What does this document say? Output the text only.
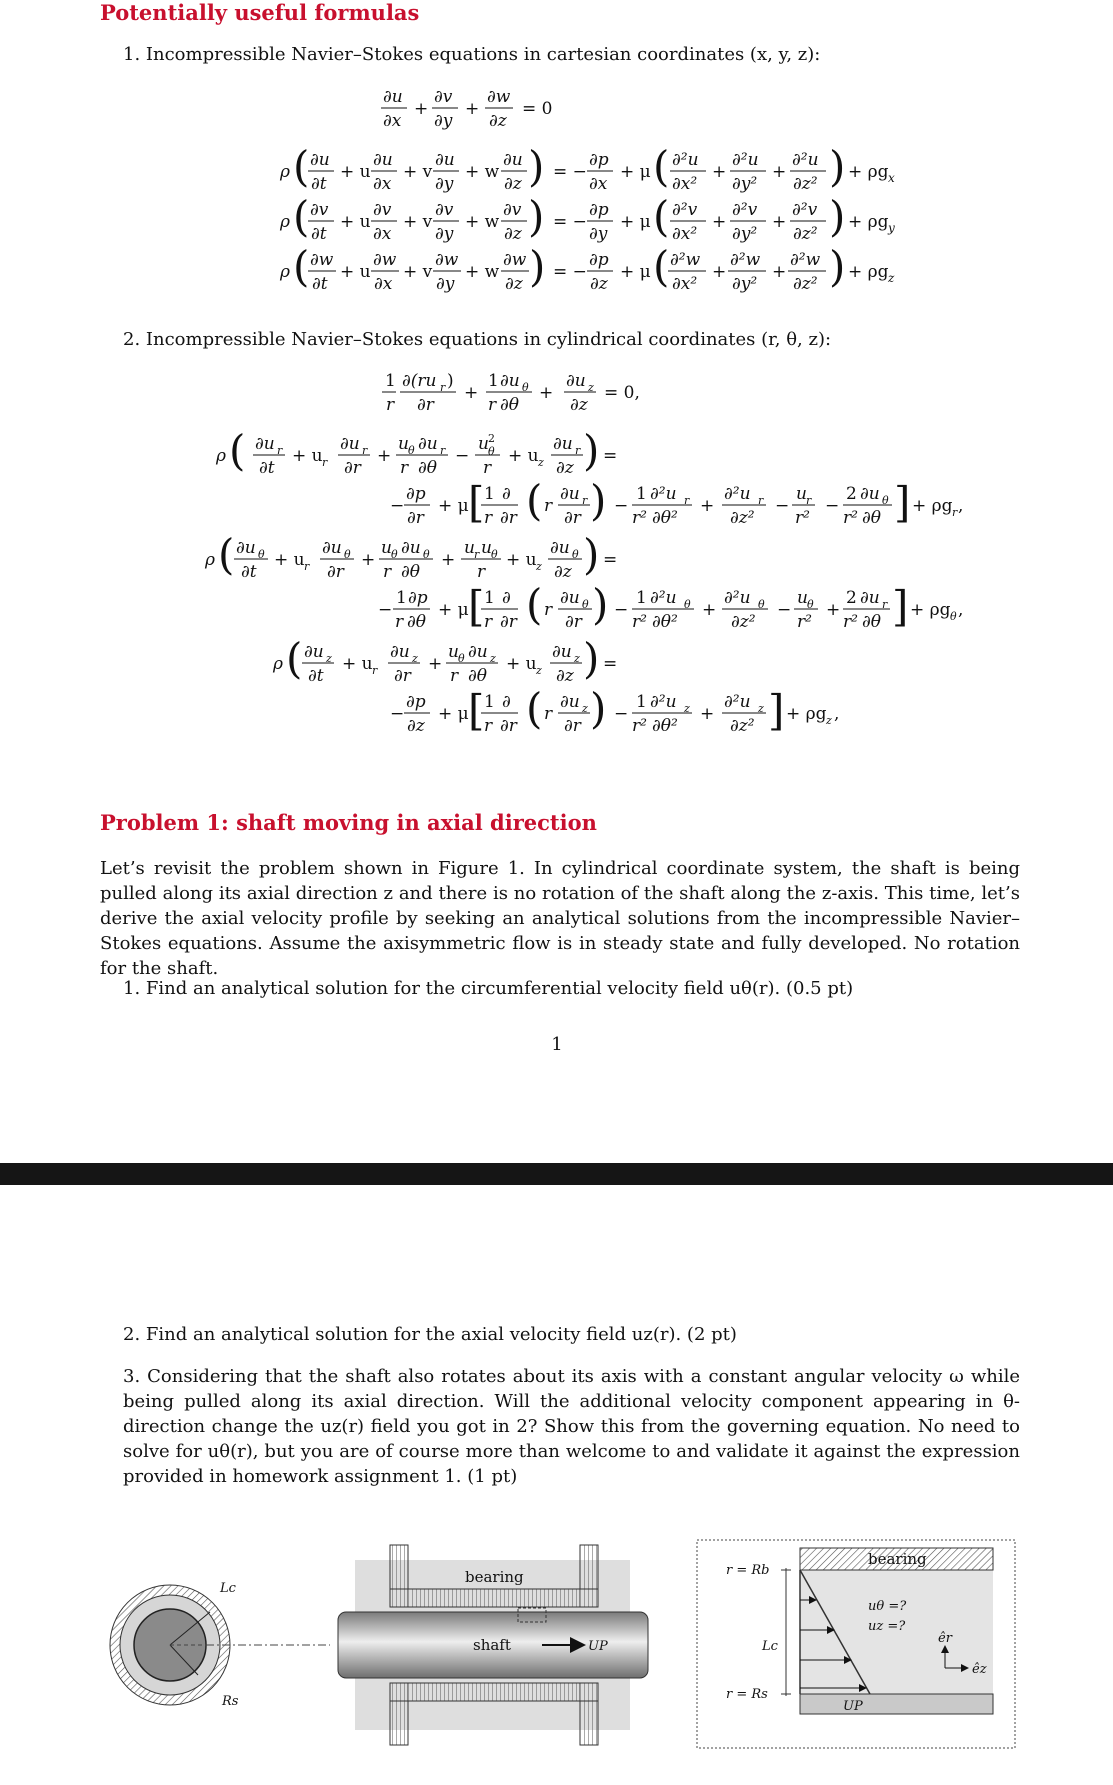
Potentially useful formulas
1. Incompressible Navier–Stokes equations in cartesian coordinates (x, y, z):
∂u
∂x
+
∂v
∂y
+
∂w
∂z
= 0
ρ ( ∂u
∂t
+ u
∂u
∂x
+ v
∂u
∂y
+ w
∂u
∂z ) = −
∂p
∂x
+ μ ( ∂²u
∂x²
+
∂²u
∂y²
+
∂²u
∂z² ) + ρg x
ρ ( ∂v
∂t
+ u
∂v
∂x
+ v
∂v
∂y
+ w
∂v
∂z ) = −
∂p
∂y
+ μ ( ∂²v
∂x²
+
∂²v
∂y²
+
∂²v
∂z² ) + ρg y
ρ ( ∂w
∂t
+ u
∂w
∂x
+ v
∂w
∂y
+ w
∂w
∂z ) = −
∂p
∂z
+ μ ( ∂²w
∂x²
+
∂²w
∂y²
+
∂²w
∂z² ) + ρg z
2. Incompressible Navier–Stokes equations in cylindrical coordinates (r, θ, z):
1
r
∂(ru r )
∂r
+
1 ∂u θ
r ∂θ
+
∂u z
∂z
= 0,
ρ ( ∂u r
∂t
+ u r
∂u r
∂r
+
u θ ∂u r
r ∂θ
−
u 2
θ
r
+ u z
∂u r
∂z ) =
−
∂p
∂r
+ μ [ 1 ∂
r ∂r ( r
∂u r
∂r ) −
1 ∂²u r
r² ∂θ²
+
∂²u r
∂z²
−
u r
r²
−
2 ∂u θ
r² ∂θ ] + ρg r ,
ρ ( ∂u θ
∂t
+ u r
∂u θ
∂r
+
u θ ∂u θ
r ∂θ
+
u r u θ
r
+ u z
∂u θ
∂z ) =
−
1 ∂p
r ∂θ
+ μ [ 1 ∂
r ∂r ( r
∂u θ
∂r ) −
1 ∂²u θ
r² ∂θ²
+
∂²u θ
∂z²
−
u θ
r²
+
2 ∂u r
r² ∂θ ] + ρg θ ,
ρ ( ∂u z
∂t
+ u r
∂u z
∂r
+
u θ ∂u z
r ∂θ
+ u z
∂u z
∂z ) =
−
∂p
∂z
+ μ [ 1 ∂
r ∂r ( r
∂u z
∂r ) −
1 ∂²u z
r² ∂θ²
+
∂²u z
∂z² ] + ρg z ,
Problem 1: shaft moving in axial direction
Let’s revisit the problem shown in Figure 1. In cylindrical coordinate system, the shaft is being pulled along its axial direction z and there is no rotation of the shaft along the z-axis. This time, let’s derive the axial velocity profile by seeking an analytical solutions from the incompressible Navier–Stokes equations. Assume the axisymmetric flow is in steady state and fully developed. No rotation for the shaft.
1. Find an analytical solution for the circumferential velocity field uθ(r). (0.5 pt)
1
2. Find an analytical solution for the axial velocity field uz(r). (2 pt)
3. Considering that the shaft also rotates about its axis with a constant angular velocity ω while being pulled along its axial direction. Will the additional velocity component appearing in θ-direction change the uz(r) field you got in 2? Show this from the governing equation. No need to solve for uθ(r), but you are of course more than welcome to and validate it against the expression provided in homework assignment 1. (1 pt)
Lc
Rs
bearing
shaft	UP
bearing
r = Rb
Lc
r = Rs
uθ =?
uz =?
êr
êz
UP
